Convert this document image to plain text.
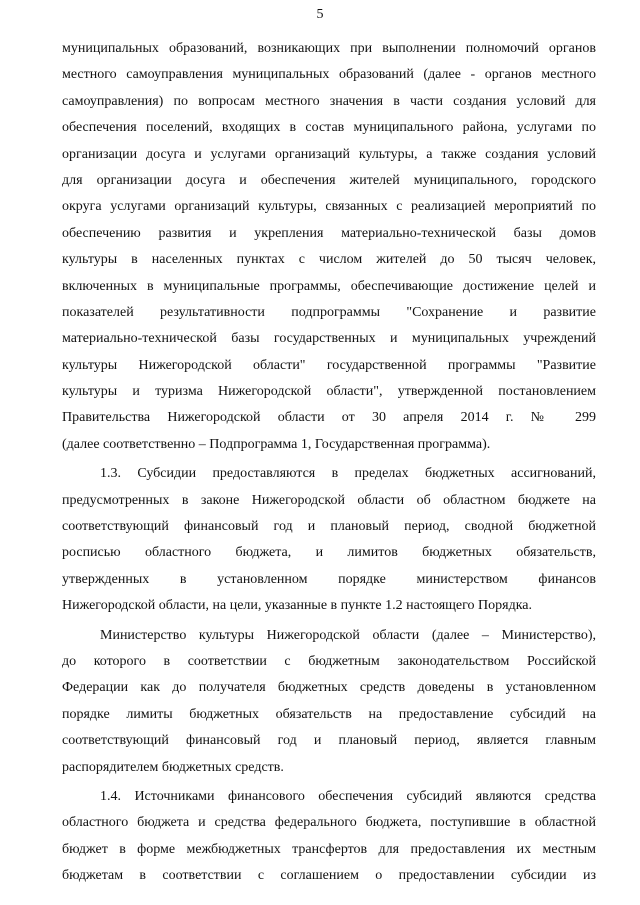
5
муниципальных образований, возникающих при выполнении полномочий органов
местного самоуправления муниципальных образований (далее - органов местного
самоуправления) по вопросам местного значения в части создания условий для
обеспечения поселений, входящих в состав муниципального района, услугами по
организации досуга и услугами организаций культуры, а также создания условий
для организации досуга и обеспечения жителей муниципального, городского
округа услугами организаций культуры, связанных с реализацией мероприятий по
обеспечению развития и укрепления материально-технической базы домов
культуры в населенных пунктах с числом жителей до 50 тысяч человек,
включенных в муниципальные программы, обеспечивающие достижение целей и
показателей результативности подпрограммы "Сохранение и развитие
материально-технической базы государственных и муниципальных учреждений
культуры Нижегородской области" государственной программы "Развитие
культуры и туризма Нижегородской области", утвержденной постановлением
Правительства Нижегородской области от 30 апреля 2014 г. № 299
(далее соответственно – Подпрограмма 1, Государственная программа).
1.3. Субсидии предоставляются в пределах бюджетных ассигнований,
предусмотренных в законе Нижегородской области об областном бюджете на
соответствующий финансовый год и плановый период, сводной бюджетной
росписью областного бюджета, и лимитов бюджетных обязательств,
утвержденных в установленном порядке министерством финансов
Нижегородской области, на цели, указанные в пункте 1.2 настоящего Порядка.
Министерство культуры Нижегородской области (далее – Министерство),
до которого в соответствии с бюджетным законодательством Российской
Федерации как до получателя бюджетных средств доведены в установленном
порядке лимиты бюджетных обязательств на предоставление субсидий на
соответствующий финансовый год и плановый период, является главным
распорядителем бюджетных средств.
1.4. Источниками финансового обеспечения субсидий являются средства
областного бюджета и средства федерального бюджета, поступившие в областной
бюджет в форме межбюджетных трансфертов для предоставления их местным
бюджетам в соответствии с соглашением о предоставлении субсидии из
